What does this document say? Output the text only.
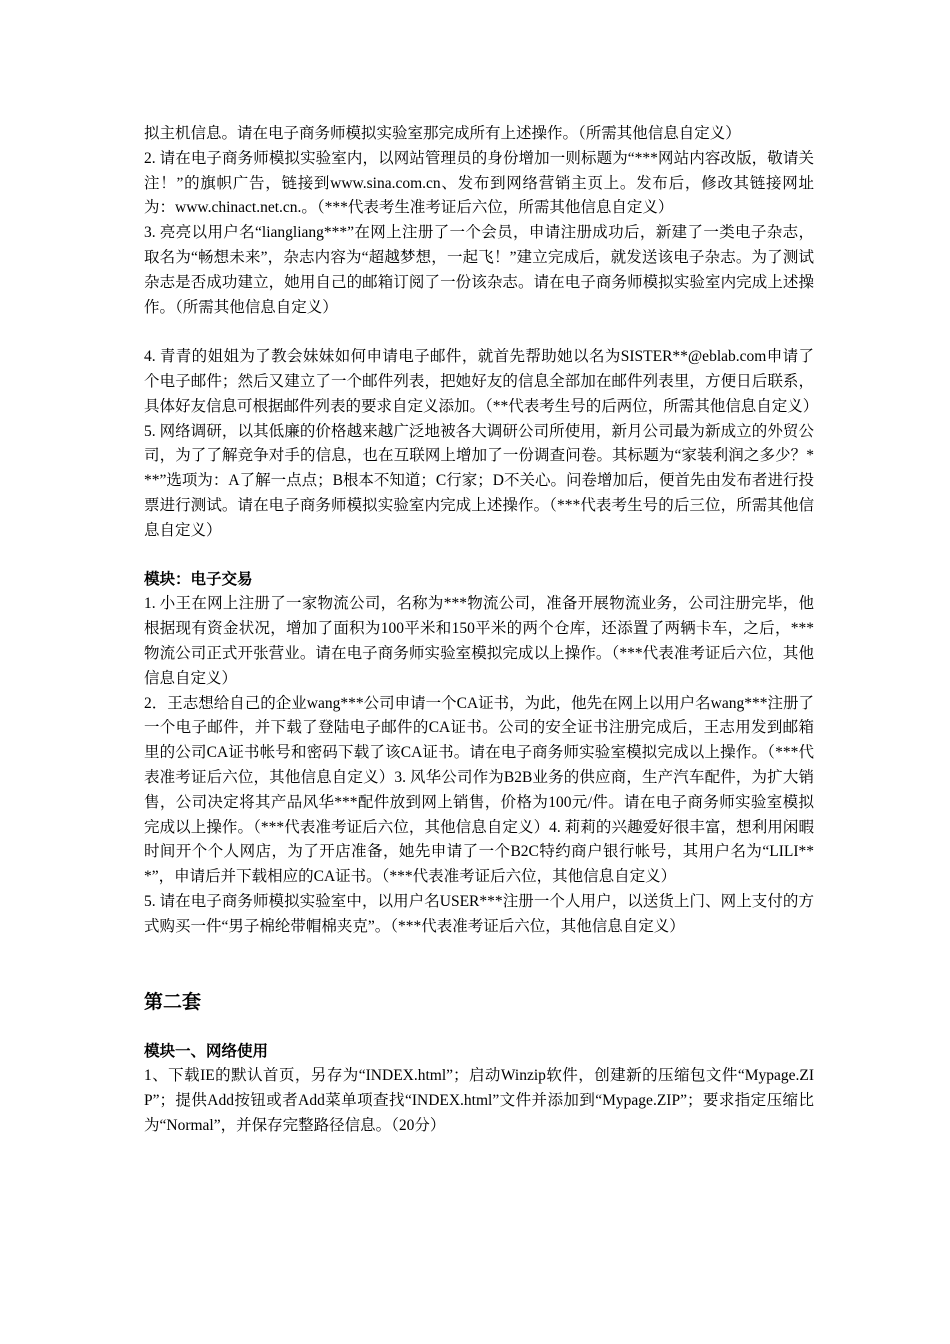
拟主机信息。请在电子商务师模拟实验室那完成所有上述操作。（所需其他信息自定义）

2. 请在电子商务师模拟实验室内，以网站管理员的身份增加一则标题为“***网站内容改版，敬请关注！”的旗帜广告，链接到www.sina.com.cn、发布到网络营销主页上。发布后，修改其链接网址为：www.chinact.net.cn.。（***代表考生准考证后六位，所需其他信息自定义）

3. 亮亮以用户名“liangliang***”在网上注册了一个会员，申请注册成功后，新建了一类电子杂志，取名为“畅想未来”，杂志内容为“超越梦想，一起飞！”建立完成后，就发送该电子杂志。为了测试杂志是否成功建立，她用自己的邮箱订阅了一份该杂志。请在电子商务师模拟实验室内完成上述操作。（所需其他信息自定义）

4. 青青的姐姐为了教会妹妹如何申请电子邮件，就首先帮助她以名为SISTER**@eblab.com申请了个电子邮件；然后又建立了一个邮件列表，把她好友的信息全部加在邮件列表里，方便日后联系，具体好友信息可根据邮件列表的要求自定义添加。（**代表考生号的后两位，所需其他信息自定义）

5. 网络调研，以其低廉的价格越来越广泛地被各大调研公司所使用，新月公司最为新成立的外贸公司，为了了解竞争对手的信息，也在互联网上增加了一份调查问卷。其标题为“家装利润之多少？***”选项为：A了解一点点；B根本不知道；C行家；D不关心。问卷增加后，便首先由发布者进行投票进行测试。请在电子商务师模拟实验室内完成上述操作。（***代表考生号的后三位，所需其他信息自定义）

模块：电子交易

1. 小王在网上注册了一家物流公司，名称为***物流公司，准备开展物流业务，公司注册完毕，他根据现有资金状况，增加了面积为100平米和150平米的两个仓库，还添置了两辆卡车，之后，***物流公司正式开张营业。请在电子商务师实验室模拟完成以上操作。（***代表准考证后六位，其他信息自定义）

2．王志想给自己的企业wang***公司申请一个CA证书，为此，他先在网上以用户名wang***注册了一个电子邮件，并下载了登陆电子邮件的CA证书。公司的安全证书注册完成后，王志用发到邮箱里的公司CA证书帐号和密码下载了该CA证书。请在电子商务师实验室模拟完成以上操作。（***代表准考证后六位，其他信息自定义）3. 风华公司作为B2B业务的供应商，生产汽车配件，为扩大销售，公司决定将其产品风华***配件放到网上销售，价格为100元/件。请在电子商务师实验室模拟完成以上操作。（***代表准考证后六位，其他信息自定义）4. 莉莉的兴趣爱好很丰富，想利用闲暇时间开个个人网店，为了开店准备，她先申请了一个B2C特约商户银行帐号，其用户名为“LILI***”，申请后并下载相应的CA证书。（***代表准考证后六位，其他信息自定义）

5. 请在电子商务师模拟实验室中，以用户名USER***注册一个人用户，以送货上门、网上支付的方式购买一件“男子棉纶带帽棉夹克”。（***代表准考证后六位，其他信息自定义）

第二套

模块一、网络使用

1、下载IE的默认首页，另存为“INDEX.html”；启动Winzip软件，创建新的压缩包文件“Mypage.ZIP”；提供Add按钮或者Add菜单项查找“INDEX.html”文件并添加到“Mypage.ZIP”；要求指定压缩比为“Normal”，并保存完整路径信息。（20分）
